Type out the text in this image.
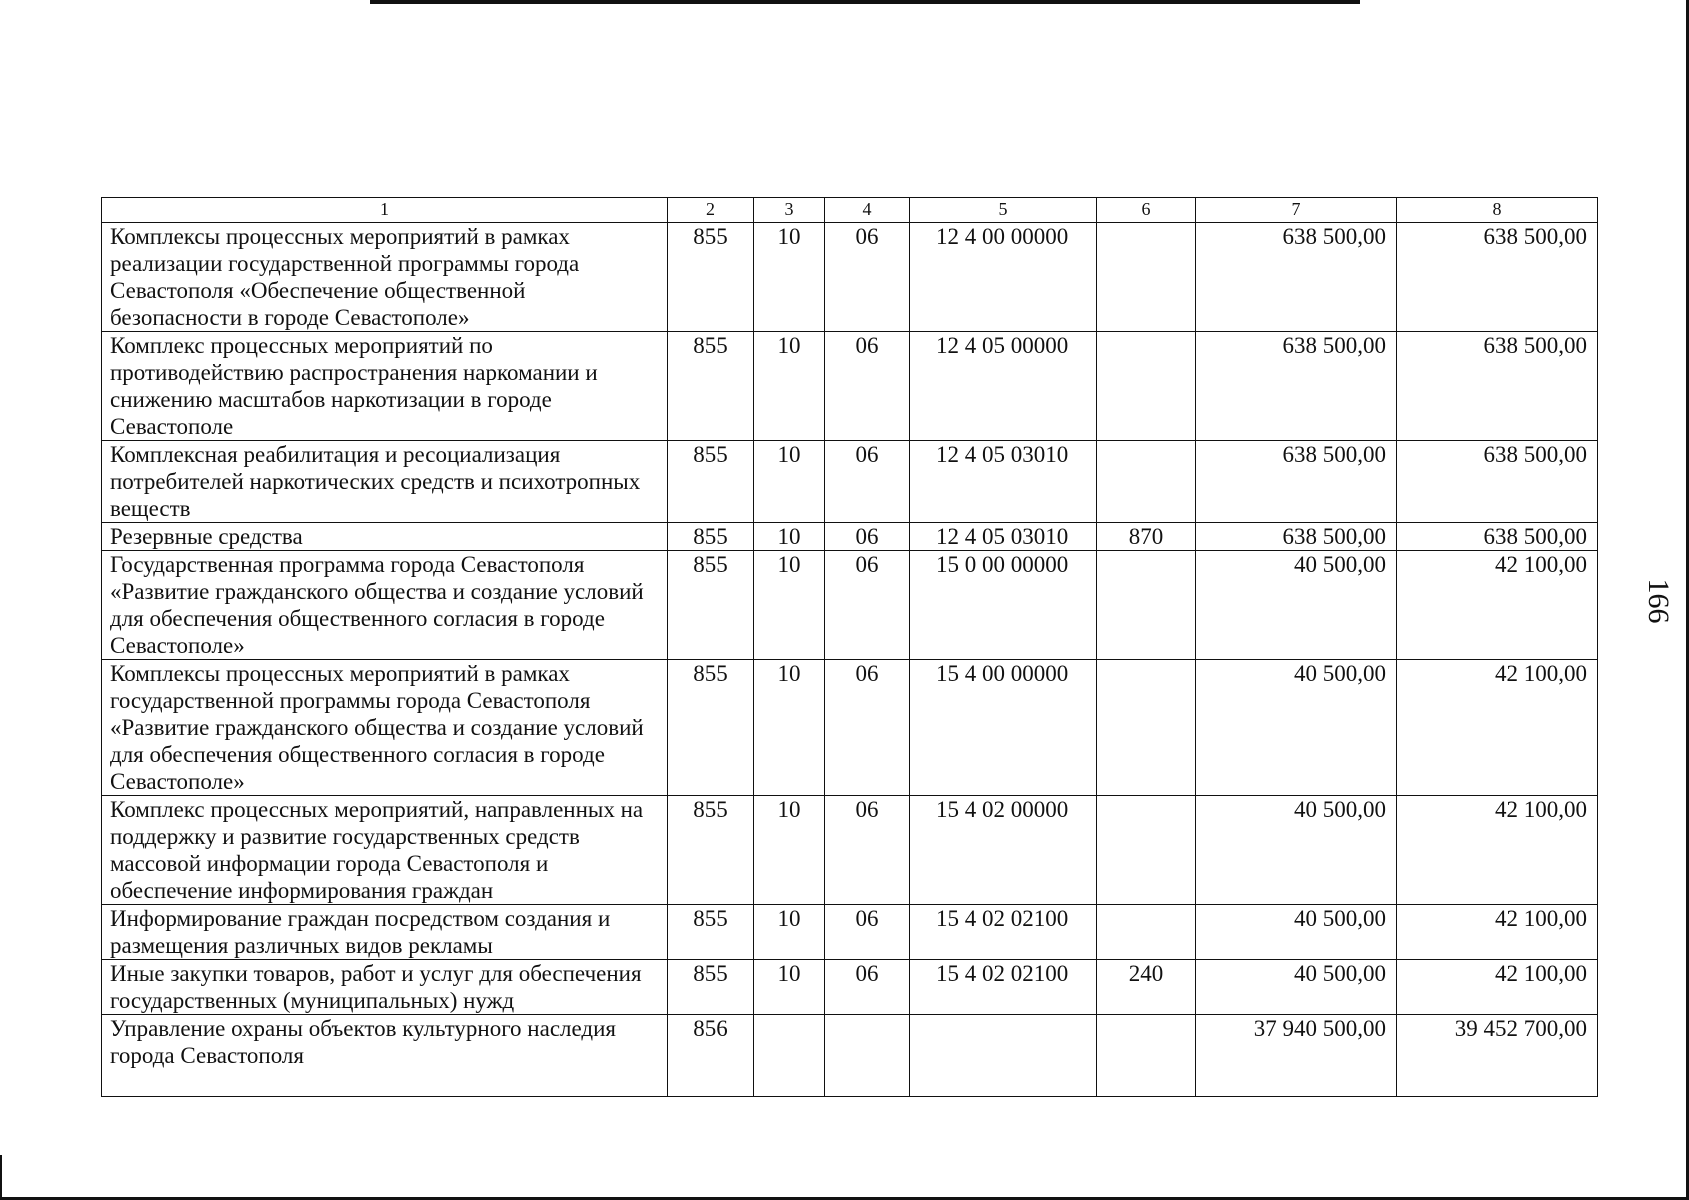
166
1	2	3	4	5	6	7	8
Комплексы процессных мероприятий в рамках реализации государственной программы города Севастополя «Обеспечение общественной безопасности в городе Севастополе»	855	10	06	12 4 00 00000		638 500,00	638 500,00
Комплекс процессных мероприятий по противодействию распространения наркомании и снижению масштабов наркотизации в городе Севастополе	855	10	06	12 4 05 00000		638 500,00	638 500,00
Комплексная реабилитация и ресоциализация потребителей наркотических средств и психотропных веществ	855	10	06	12 4 05 03010		638 500,00	638 500,00
Резервные средства	855	10	06	12 4 05 03010	870	638 500,00	638 500,00
Государственная программа города Севастополя «Развитие гражданского общества и создание условий для обеспечения общественного согласия в городе Севастополе»	855	10	06	15 0 00 00000		40 500,00	42 100,00
Комплексы процессных мероприятий в рамках государственной программы города Севастополя «Развитие гражданского общества и создание условий для обеспечения общественного согласия в городе Севастополе»	855	10	06	15 4 00 00000		40 500,00	42 100,00
Комплекс процессных мероприятий, направленных на поддержку и развитие государственных средств массовой информации города Севастополя и обеспечение информирования граждан	855	10	06	15 4 02 00000		40 500,00	42 100,00
Информирование граждан посредством создания и размещения различных видов рекламы	855	10	06	15 4 02 02100		40 500,00	42 100,00
Иные закупки товаров, работ и услуг для обеспечения государственных (муниципальных) нужд	855	10	06	15 4 02 02100	240	40 500,00	42 100,00
Управление охраны объектов культурного наследия города Севастополя	856					37 940 500,00	39 452 700,00
